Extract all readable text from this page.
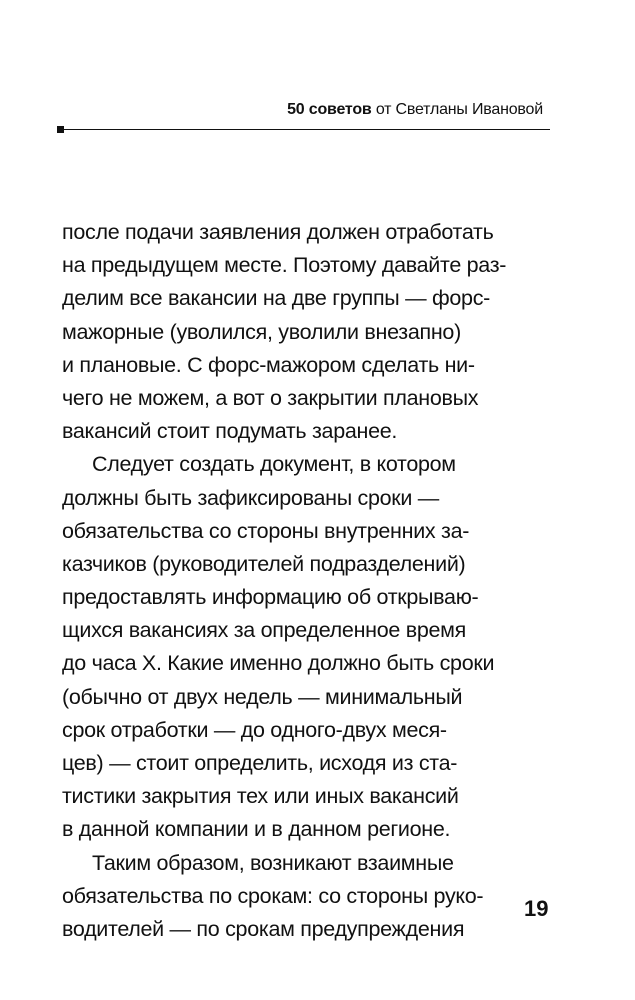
50 советов от Светланы Ивановой
после подачи заявления должен отработать
на предыдущем месте. Поэтому давайте раз-
делим все вакансии на две группы — форс-
мажорные (уволился, уволили внезапно)
и плановые. С форс-мажором сделать ни-
чего не можем, а вот о закрытии плановых
вакансий стоит подумать заранее.
Следует создать документ, в котором
должны быть зафиксированы сроки —
обязательства со стороны внутренних за-
казчиков (руководителей подразделений)
предоставлять информацию об открываю-
щихся вакансиях за определенное время
до часа Х. Какие именно должно быть сроки
(обычно от двух недель — минимальный
срок отработки — до одного-двух меся-
цев) — стоит определить, исходя из ста-
тистики закрытия тех или иных вакансий
в данной компании и в данном регионе.
Таким образом, возникают взаимные
обязательства по срокам: со стороны руко-
водителей — по срокам предупреждения
19
